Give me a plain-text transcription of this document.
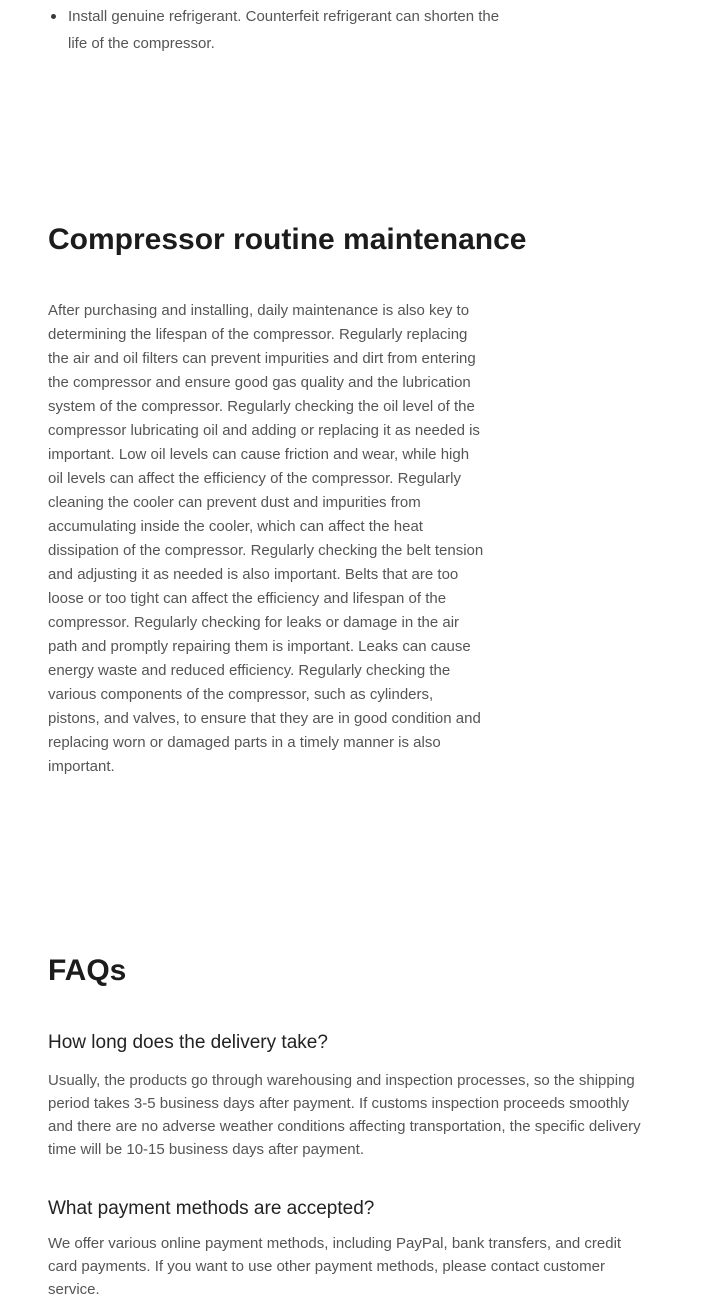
Install genuine refrigerant. Counterfeit refrigerant can shorten the life of the compressor.
Compressor routine maintenance

After purchasing and installing, daily maintenance is also key to determining the lifespan of the compressor. Regularly replacing the air and oil filters can prevent impurities and dirt from entering the compressor and ensure good gas quality and the lubrication system of the compressor. Regularly checking the oil level of the compressor lubricating oil and adding or replacing it as needed is important. Low oil levels can cause friction and wear, while high oil levels can affect the efficiency of the compressor. Regularly cleaning the cooler can prevent dust and impurities from accumulating inside the cooler, which can affect the heat dissipation of the compressor. Regularly checking the belt tension and adjusting it as needed is also important. Belts that are too loose or too tight can affect the efficiency and lifespan of the compressor. Regularly checking for leaks or damage in the air path and promptly repairing them is important. Leaks can cause energy waste and reduced efficiency. Regularly checking the various components of the compressor, such as cylinders, pistons, and valves, to ensure that they are in good condition and replacing worn or damaged parts in a timely manner is also important.

FAQs
How long does the delivery take?

Usually, the products go through warehousing and inspection processes, so the shipping period takes 3-5 business days after payment. If customs inspection proceeds smoothly and there are no adverse weather conditions affecting transportation, the specific delivery time will be 10-15 business days after payment.

What payment methods are accepted?

We offer various online payment methods, including PayPal, bank transfers, and credit card payments. If you want to use other payment methods, please contact customer service.
